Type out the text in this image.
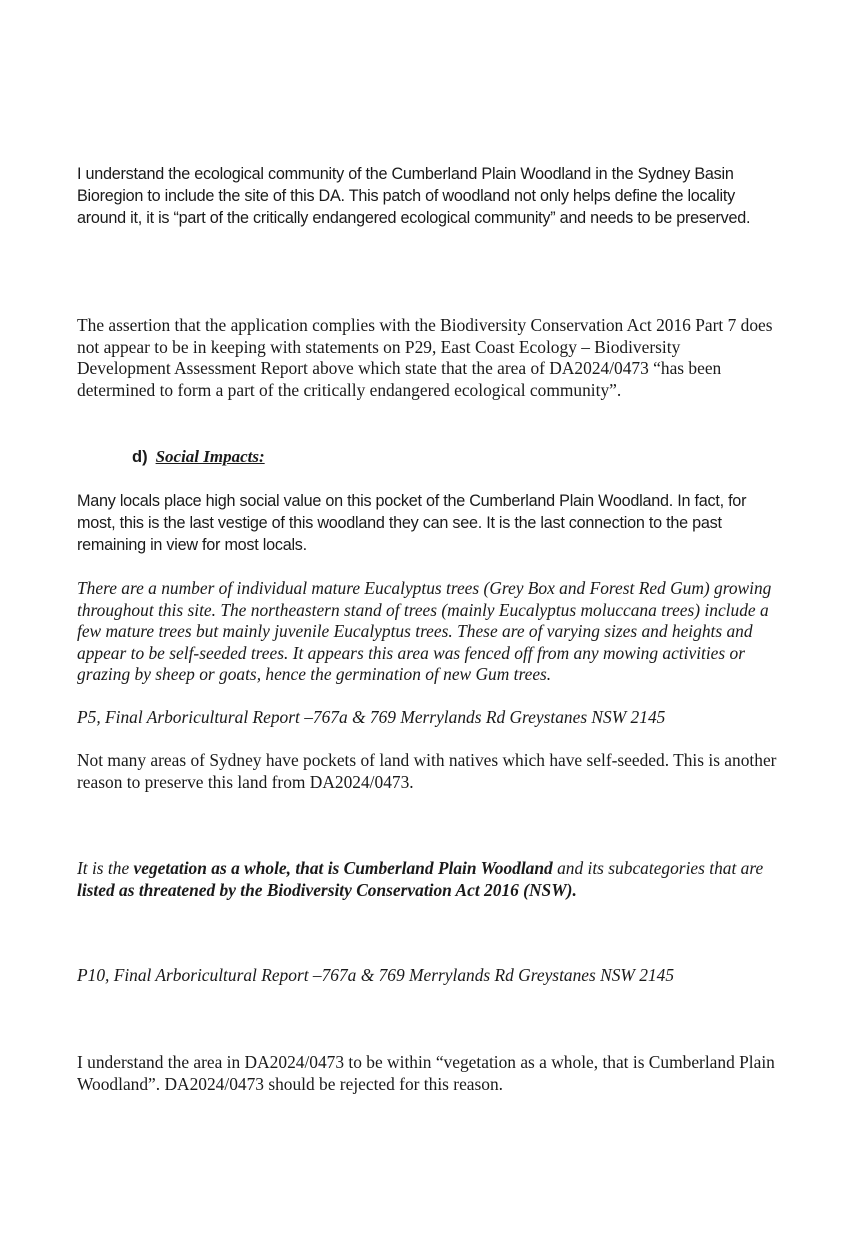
I understand the ecological community of the Cumberland Plain Woodland in the Sydney Basin Bioregion to include the site of this DA. This patch of woodland not only helps define the locality around it, it is “part of the critically endangered ecological community” and needs to be preserved.

The assertion that the application complies with the Biodiversity Conservation Act 2016 Part 7 does not appear to be in keeping with statements on P29, East Coast Ecology – Biodiversity Development Assessment Report above which state that the area of DA2024/0473 “has been determined to form a part of the critically endangered ecological community”.

d) Social Impacts:

Many locals place high social value on this pocket of the Cumberland Plain Woodland. In fact, for most, this is the last vestige of this woodland they can see. It is the last connection to the past remaining in view for most locals.

There are a number of individual mature Eucalyptus trees (Grey Box and Forest Red Gum) growing throughout this site. The northeastern stand of trees (mainly Eucalyptus moluccana trees) include a few mature trees but mainly juvenile Eucalyptus trees. These are of varying sizes and heights and appear to be self-seeded trees. It appears this area was fenced off from any mowing activities or grazing by sheep or goats, hence the germination of new Gum trees.

P5, Final Arboricultural Report –767a & 769 Merrylands Rd Greystanes NSW 2145

Not many areas of Sydney have pockets of land with natives which have self-seeded. This is another reason to preserve this land from DA2024/0473.

It is the vegetation as a whole, that is Cumberland Plain Woodland and its subcategories that are listed as threatened by the Biodiversity Conservation Act 2016 (NSW).

P10, Final Arboricultural Report –767a & 769 Merrylands Rd Greystanes NSW 2145

I understand the area in DA2024/0473 to be within “vegetation as a whole, that is Cumberland Plain Woodland”. DA2024/0473 should be rejected for this reason.
